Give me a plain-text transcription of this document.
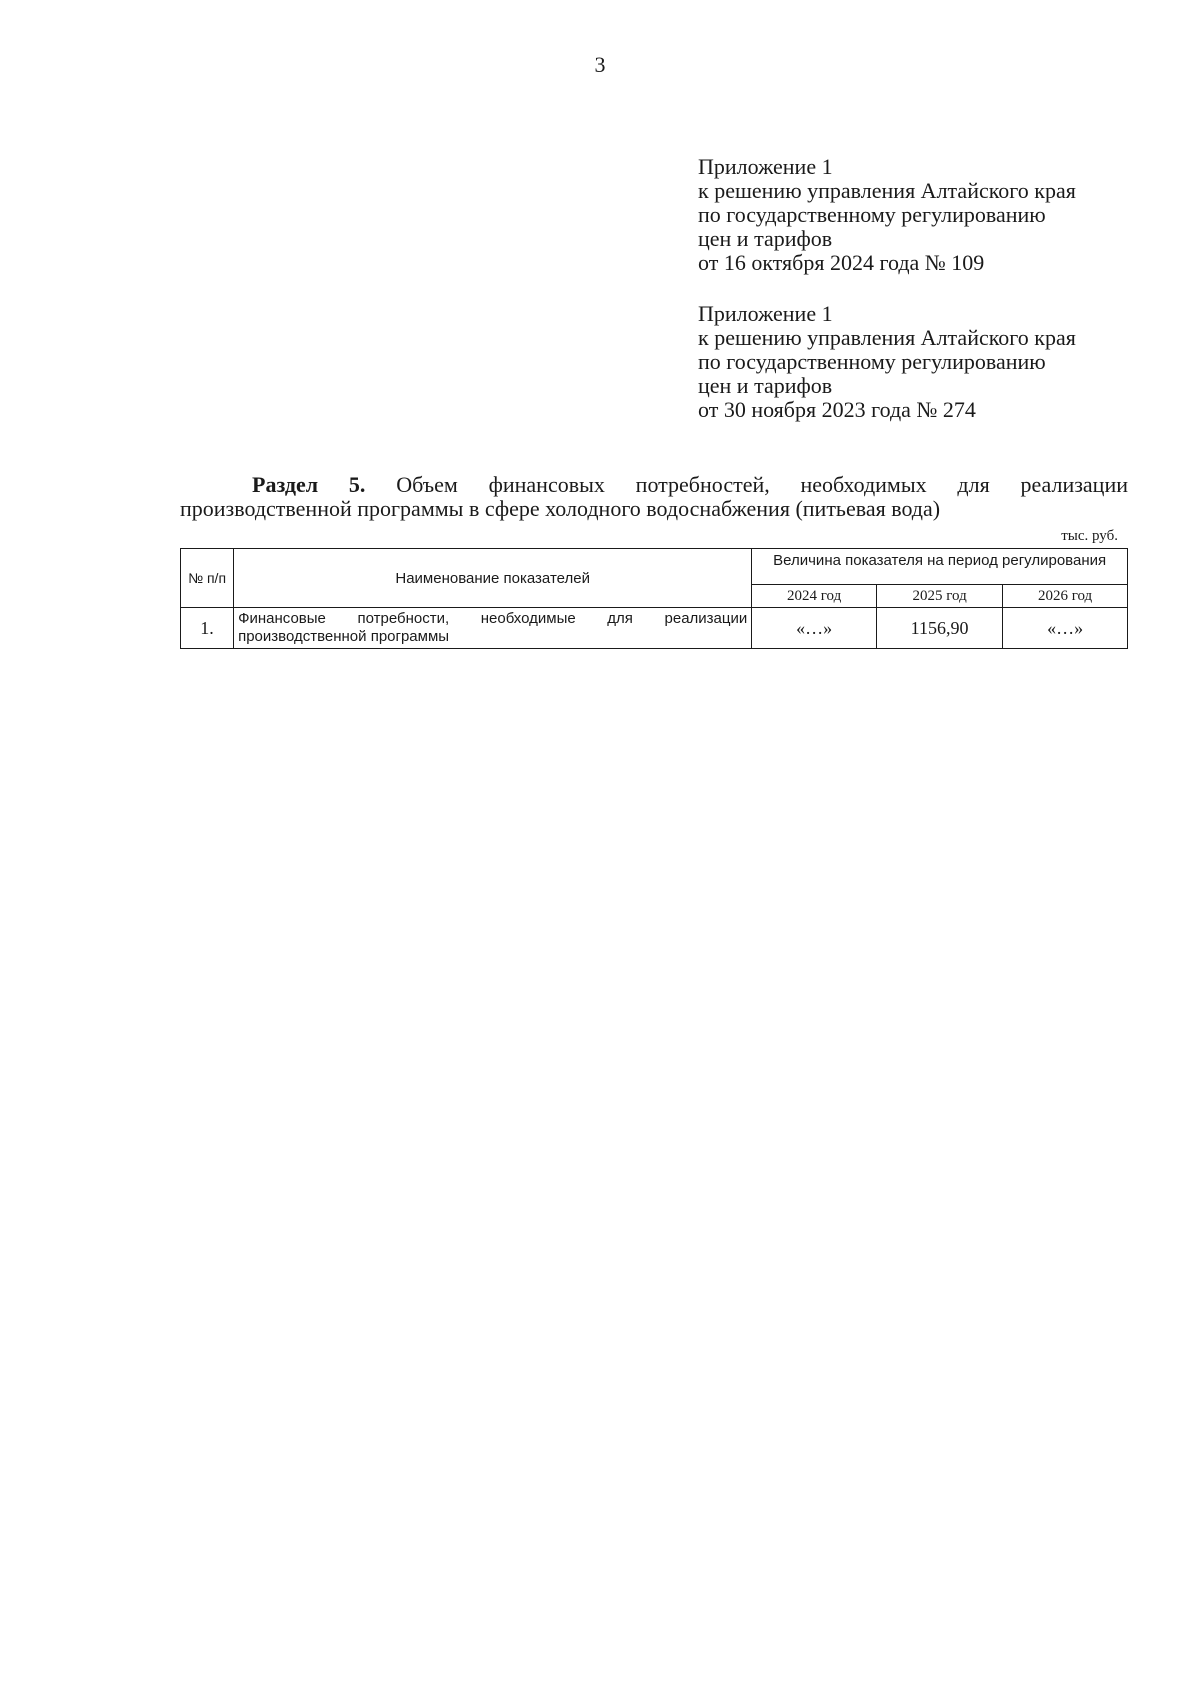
3
Приложение 1
к решению управления Алтайского края
по государственному регулированию
цен и тарифов
от 16 октября 2024 года № 109
Приложение 1
к решению управления Алтайского края
по государственному регулированию
цен и тарифов
от 30 ноября 2023 года № 274
Раздел 5. Объем финансовых потребностей, необходимых для реализации производственной программы в сфере холодного водоснабжения (питьевая вода)
тыс. руб.
№ п/п	Наименование показателей	Величина показателя на период регулирования		
		2024 год	2025 год	2026 год
1.	Финансовые потребности, необходимые для реализации производственной программы	«…»	1156,90	«…»
